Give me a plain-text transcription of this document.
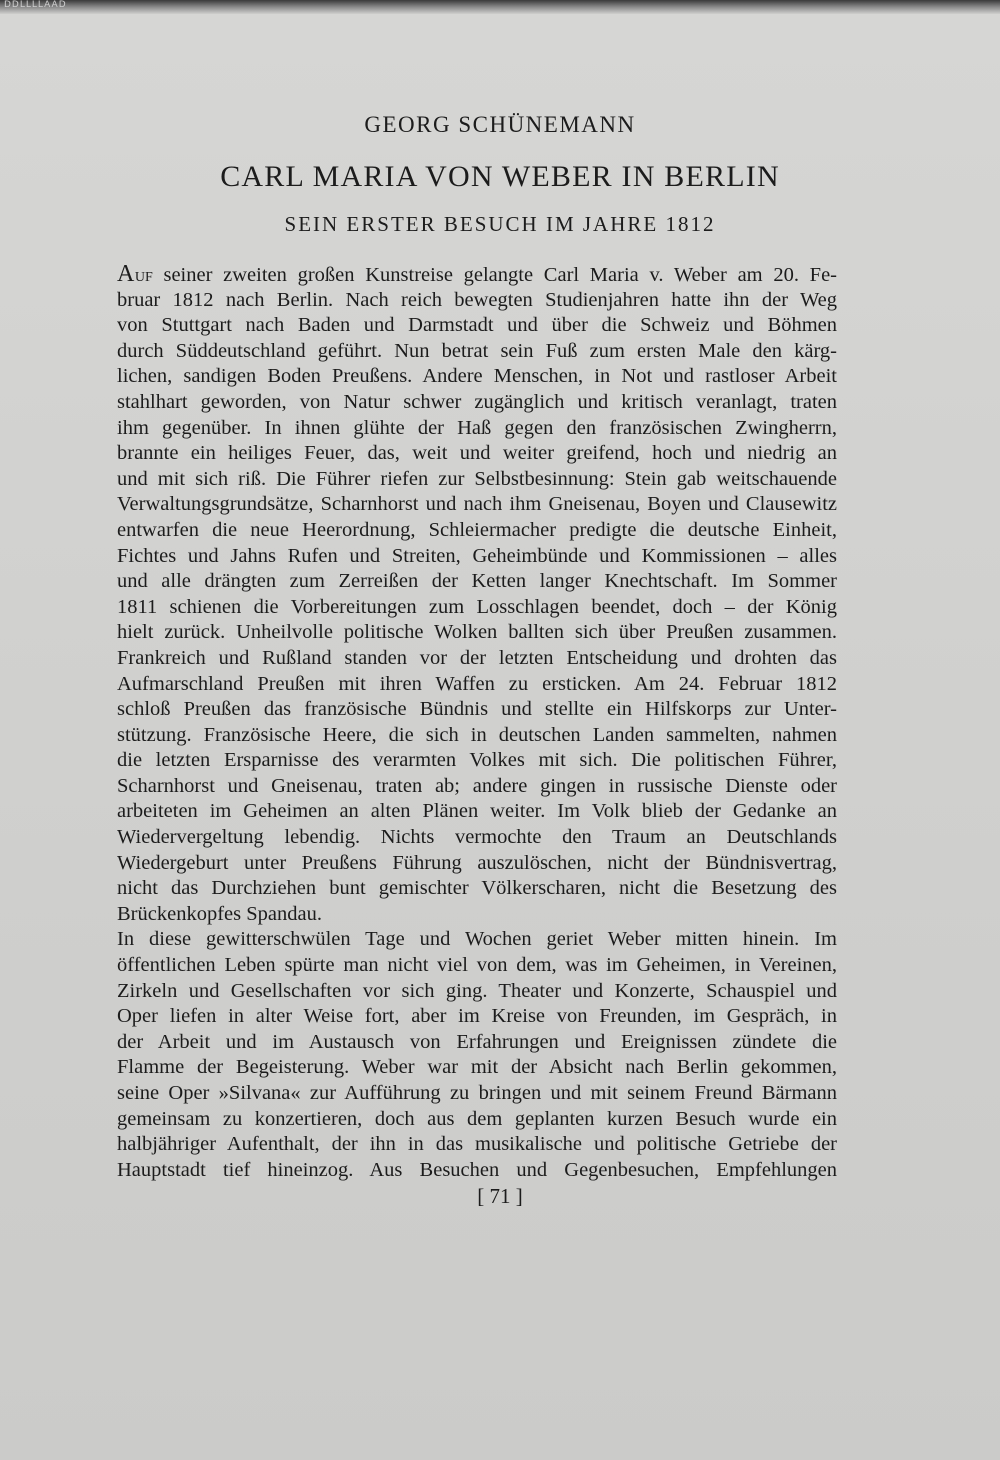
DDLLLLAAD
GEORG SCHÜNEMANN
CARL MARIA VON WEBER IN BERLIN
SEIN ERSTER BESUCH IM JAHRE 1812
Auf seiner zweiten großen Kunstreise gelangte Carl Maria v. Weber am 20. Fe-
bruar 1812 nach Berlin. Nach reich bewegten Studienjahren hatte ihn der Weg
von Stuttgart nach Baden und Darmstadt und über die Schweiz und Böhmen
durch Süddeutschland geführt. Nun betrat sein Fuß zum ersten Male den kärg-
lichen, sandigen Boden Preußens. Andere Menschen, in Not und rastloser Arbeit
stahlhart geworden, von Natur schwer zugänglich und kritisch veranlagt, traten
ihm gegenüber. In ihnen glühte der Haß gegen den französischen Zwingherrn,
brannte ein heiliges Feuer, das, weit und weiter greifend, hoch und niedrig an
und mit sich riß. Die Führer riefen zur Selbstbesinnung: Stein gab weitschauende
Verwaltungsgrundsätze, Scharnhorst und nach ihm Gneisenau, Boyen und Clausewitz
entwarfen die neue Heerordnung, Schleiermacher predigte die deutsche Einheit,
Fichtes und Jahns Rufen und Streiten, Geheimbünde und Kommissionen – alles
und alle drängten zum Zerreißen der Ketten langer Knechtschaft. Im Sommer
1811 schienen die Vorbereitungen zum Losschlagen beendet, doch – der König
hielt zurück. Unheilvolle politische Wolken ballten sich über Preußen zusammen.
Frankreich und Rußland standen vor der letzten Entscheidung und drohten das
Aufmarschland Preußen mit ihren Waffen zu ersticken. Am 24. Februar 1812
schloß Preußen das französische Bündnis und stellte ein Hilfskorps zur Unter-
stützung. Französische Heere, die sich in deutschen Landen sammelten, nahmen
die letzten Ersparnisse des verarmten Volkes mit sich. Die politischen Führer,
Scharnhorst und Gneisenau, traten ab; andere gingen in russische Dienste oder
arbeiteten im Geheimen an alten Plänen weiter. Im Volk blieb der Gedanke an
Wiedervergeltung lebendig. Nichts vermochte den Traum an Deutschlands
Wiedergeburt unter Preußens Führung auszulöschen, nicht der Bündnisvertrag,
nicht das Durchziehen bunt gemischter Völkerscharen, nicht die Besetzung des
Brückenkopfes Spandau.
In diese gewitterschwülen Tage und Wochen geriet Weber mitten hinein. Im
öffentlichen Leben spürte man nicht viel von dem, was im Geheimen, in Vereinen,
Zirkeln und Gesellschaften vor sich ging. Theater und Konzerte, Schauspiel und
Oper liefen in alter Weise fort, aber im Kreise von Freunden, im Gespräch, in
der Arbeit und im Austausch von Erfahrungen und Ereignissen zündete die
Flamme der Begeisterung. Weber war mit der Absicht nach Berlin gekommen,
seine Oper »Silvana« zur Aufführung zu bringen und mit seinem Freund Bärmann
gemeinsam zu konzertieren, doch aus dem geplanten kurzen Besuch wurde ein
halbjähriger Aufenthalt, der ihn in das musikalische und politische Getriebe der
Hauptstadt tief hineinzog. Aus Besuchen und Gegenbesuchen, Empfehlungen
[ 71 ]
